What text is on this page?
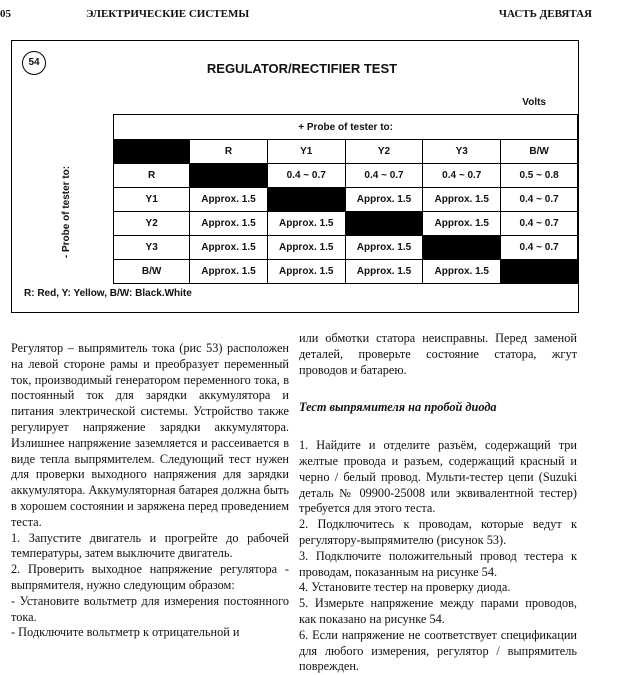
05	ЭЛЕКТРИЧЕСКИЕ СИСТЕМЫ	ЧАСТЬ ДЕВЯТАЯ
54	REGULATOR/RECTIFIER TEST
Volts
	+ Probe of tester to:					
- Probe of tester to:		R	Y1	Y2	Y3	B/W
	R		0.4 ~ 0.7	0.4 ~ 0.7	0.4 ~ 0.7	0.5 ~ 0.8
	Y1	Approx. 1.5		Approx. 1.5	Approx. 1.5	0.4 ~ 0.7
	Y2	Approx. 1.5	Approx. 1.5		Approx. 1.5	0.4 ~ 0.7
	Y3	Approx. 1.5	Approx. 1.5	Approx. 1.5		0.4 ~ 0.7
	B/W	Approx. 1.5	Approx. 1.5	Approx. 1.5	Approx. 1.5	
R: Red, Y: Yellow, B/W: Black.White

Регулятор – выпрямитель тока (рис 53) расположен на левой стороне рамы и преобразует переменный ток, производимый генератором переменного тока, в постоянный ток для зарядки аккумулятора и питания электрической системы. Устройство также регулирует напряжение зарядки аккумулятора. Излишнее напряжение заземляется и рассеивается в виде тепла выпрямителем. Следующий тест нужен для проверки выходного напряжения для зарядки аккумулятора. Аккумуляторная батарея должна быть в хорошем состоянии и заряжена перед проведением теста.

1. Запустите двигатель и прогрейте до рабочей температуры, затем выключите двигатель.

2. Проверить выходное напряжение регулятора - выпрямителя, нужно следующим образом:

- Установите вольтметр для измерения постоянного тока.

- Подключите вольтметр к отрицательной и

или обмотки статора неисправны. Перед заменой деталей, проверьте состояние статора, жгут проводов и батарею.

Тест выпрямителя на пробой диода

1. Найдите и отделите разъём, содержащий три желтые провода и разъем, содержащий красный и черно / белый провод. Мульти-тестер цепи (Suzuki деталь № 09900-25008 или эквивалентной тестер) требуется для этого теста.

2. Подключитесь к проводам, которые ведут к регулятору-выпрямителю (рисунок 53).

3. Подключите положительный провод тестера к проводам, показанным на рисунке 54.

4. Установите тестер на проверку диода.

5. Измерьте напряжение между парами проводов, как показано на рисунке 54.

6. Если напряжение не соответствует спецификации для любого измерения, регулятор / выпрямитель поврежден.
